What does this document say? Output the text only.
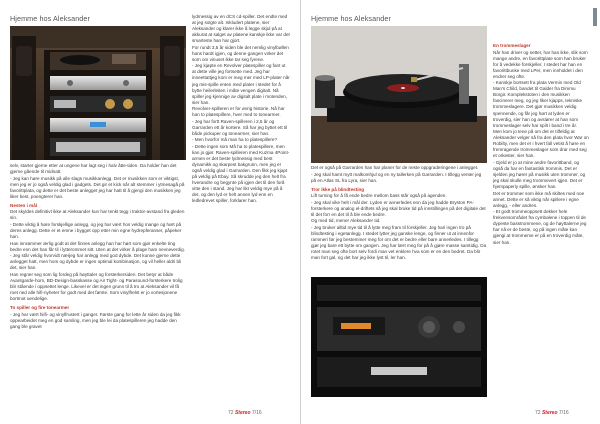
Hjemme hos Aleksander

selv, starter gjerne etter at ungene har lagt seg i halv åtte-tiden. Da holder han det gjerne gående til midnatt.

- Jeg kan høre musikk på alle slags musikkanlegg. Det er musikken som er viktigst, men jeg er jo også veldig glad i gadgets. Det gir et kick når alt stemmer i ytmesagå på favorittplata, og dette er det beste anlegget jeg har hatt til å gjengi den musikken jeg liker best, poengterer han.

Nesten i mål

Det skyldes definitivt ikke at Aleksander kun har tenkt tegg i traktor-avstand fra gleden sin.

- Dette viktig å høre forskjellige anlegg, og jeg har vært hos veldig mange og hørt på deres anlegg. Dette er et emne i bygget opp etter min egne hydrepferanser, påpeker han.

Han innrømmer ærlig godt at det finnes anlegg han har hørt som gjør enkelte ting bedre enn det han får til i lytterommet sitt. Uten at det virker å plage ham nevneverdig.

- Jeg står veldig hvorvidt nærjeg har anlegg med god dybde. Det kunne gjerne dette anlegget hatt, men hom og dybde er ingen optimal kombinasjon, og vil heller aldri bli det, sier han.

Han regner seg som lig fordeg på høyttaler og forsterkersiden. Det betyr at både Avantgarde-horn, BD-Design-basskasse og Air Tight- og Parasound-forsterkere trolig blir stående i oppsettet lenge. Likevel er det ingen grunn til å tro at Aleksander vil få roet ned alle hifi-nyheter for godt med det første. Som vinylfrelst er jo vortesjonene bortmot uendelige.

To spiller og fire tonearmer

- Jeg har vært hiifi- og vinylfrustert i ganger. Første gang for lette år siden da jeg fikk oppearbeidet meg en god samling, men jeg ble lei da platespilleren jeg hadde den gang ble gravet

lydmessig av en dCS cd-spiller. Det endte med at jeg solgte alt. Inkludert platene, sier Aleksander og klarer ikke å legge skjul på at akkurat at salget av platene kanskje ikke var det smarteste han har gjort.

For rundt 3,5 år siden ble det nemlig vinylbøllen hans hardt igjen, og denne gangen virker det som om vinuset ikke tar seg fyrene.

- Jeg kjøpte en Revolver platespiller og fant ut at dette ville jeg fortsette med. Jeg har inneettattjeg kom er meg mer med LP-plater når jeg mis-spille enten med plater i stedet for å bytte heilerleiten i måte vengen digitalt. Nå spiller jeg kjennige av digitalt plate i motenden, sier han.

Revolver-spilleren er for øvrig historie. Nå har han to platespillere, hver med to tonearmer.

- Jeg har fortt Raven-spilleren i 2,5 år og Garrarden ett år kortere. Så har jeg byttet ett til både pickuper og tonearmer, sier han.

- Men hvorfor må man ha to platespillere?

- Dette ingen som Må ha to platespillere, men kan jo gjør. Raven-spilleren med Kuzma 4Point-armen er det beste lydmessig med best dynamikk og skarpest bakgrunn, men jeg er også veldig glad i Garrarden. Den fikk jeg kjapt på veldig på Ebay. Så skrudde jeg den helt fra hverandre og begynte på igjen det til den forå vitte den i stand. Jeg har likt veldig mye på å det, og den lyd er helt annen lyd enn en ledledrevet spiller, forklarer han.

72 Stereo 7/16
Hjemme hos Aleksander

Det er også på Garrarden han har planer for de neste oppgraderingene i anlegget.

- Jeg skal hamt mytt malkomhjul og en ny tallerken på Garrarden. I tillegg venter jeg på en Atlas SL fra Lyra, sier han.

Tror ikke på blindtesting

Lift turning for å få ende bedre mellom bass står også på agenden.

- Jeg skal vike helt i mål der. Lyden er annerledes enn da jeg hadde Bryston PA-forsterkere og analog el-driftets så jeg skal bruke tid på innstillingen på det digitale det til det forr en det til å ble ende bedre.

Og med tid, mener Aleksander tid.

- Jeg bruker alltid mye tid til å lytte meg fram til forskjeller. Jeg hari ingen tro på blindtesting i egetanlegg. I stedet lytter jeg ganske lenge, og finner ut at innenfor rammeri før jeg bestemmer meg for om det er bedre eller bare annerledes. I tillegg gjør jeg bare ett bytte om gangen. Jeg har lært meg for på å gjøre masse samtidig. Da rotet man seg ofte bort selv fordi man vet enklere hva som er en den bedret. Da blir man fort gal, og det har jeg ikke lyst til, ler han.

En trommeslager

Når han driver og setter, har han ikke, slik som mange andre, en favorittplate som han bruker for å vedekke forskjeller. I stedet har han en favorittbunke med LPer, men innholdet i den endrer seg ofte.

- Kanskje bortsett fra plata Vermin med Old Man's Child, bandet til Galder fra Dimmu Borgir. Komplekstoten i den musikken fascinerer meg, og jeg liker kjapps, tekniske trommeslagere. Det gjør musikken veldig spennende, og får jeg hørt at lyden er troverdig, sier han og avslører at han som trommeslager selv har spilt i band i tre år.

Men kom jo tene på om det er tilfeldig at Aleksander velger så fra den plata hvor War on Robilty, men det er i hvert fall vetist å høre en fremragende trommeslager som drar med seg et orkester, sier han.

- Gjeld er jo at mine andre favorittband, og også da har en fantastisk trommis. Det er sjelden jeg hører på musikk uten trommer, og jeg skal skulle meg trommevert igjen. Det er hjempaperiy spille, ønsker han.

Det er trommer som ikke må skiltes med noe annet. Dette er så viktig når spillere i egne anlegg, - eller andres.

- Et godt trommeoppsett dekker hele frekvensområdet fra cymbalene i toppen til de dypeste basstrommene, og de høyttalerne jeg har nå er de beste, og på ingen måte kan gjengi at trommeme er på en troverdig måte, sier han.

72 Stereo 7/16
